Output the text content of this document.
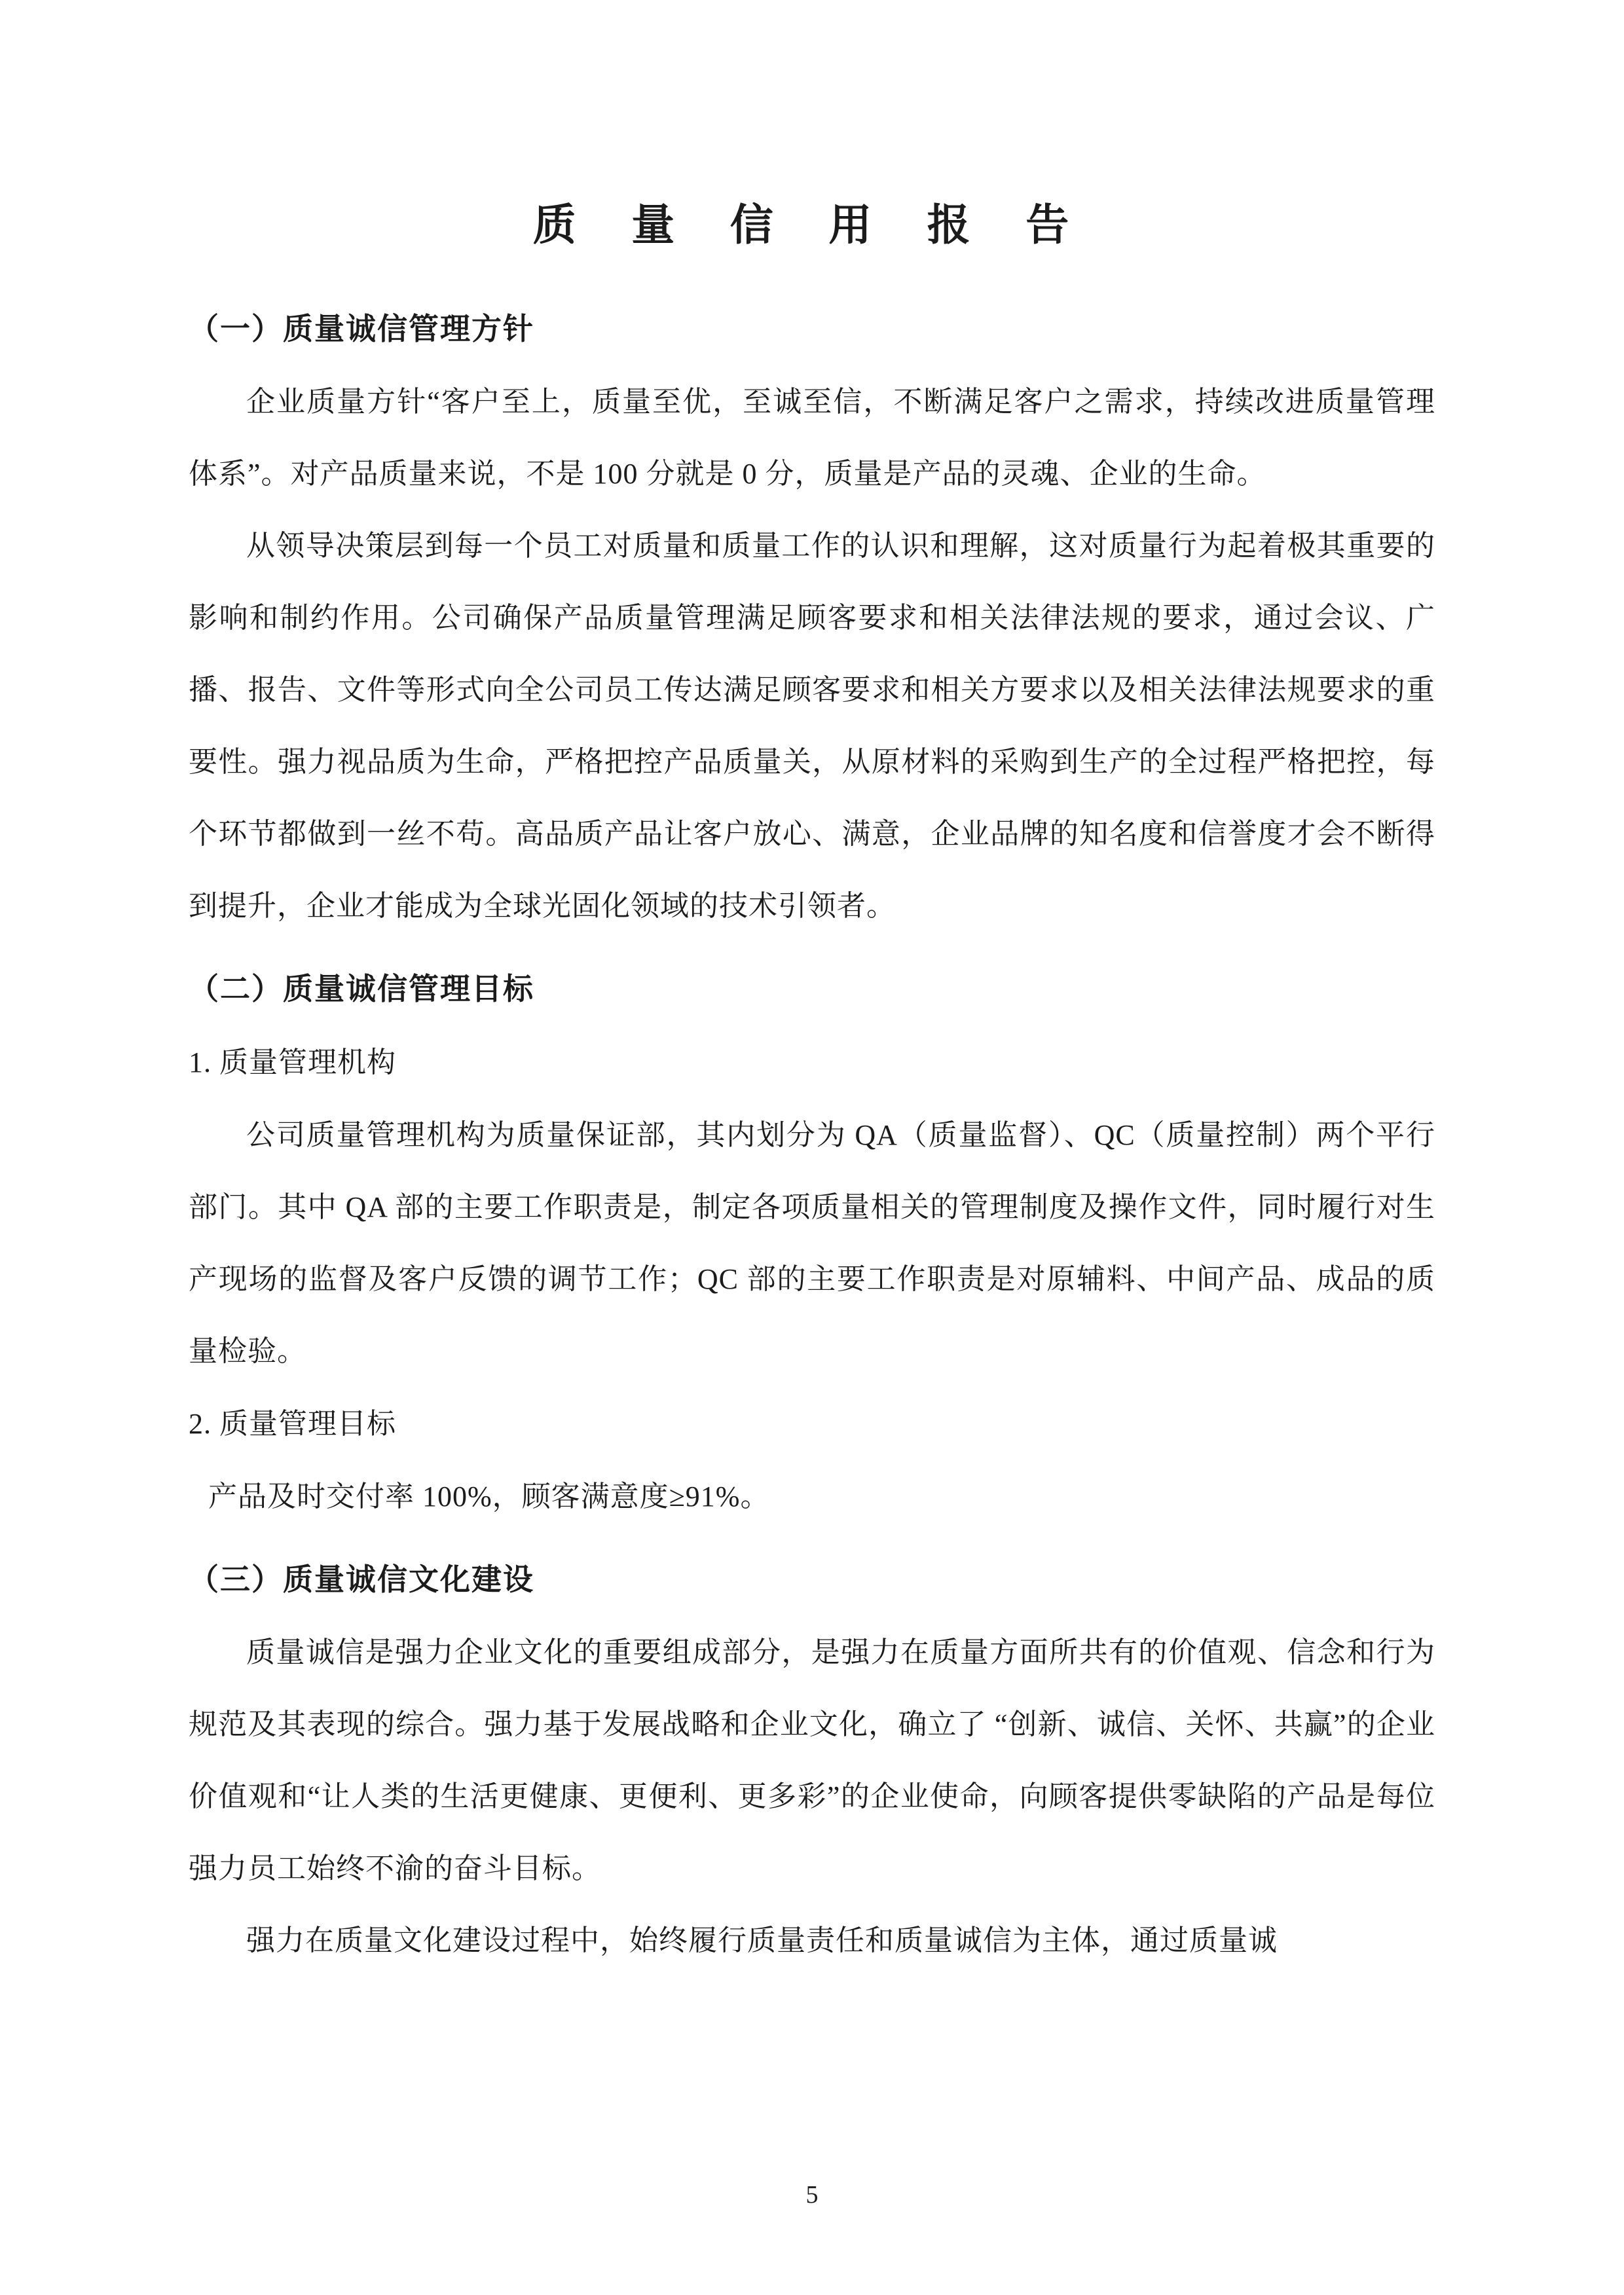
质 量 信 用 报 告
（一）质量诚信管理方针

企业质量方针“客户至上，质量至优，至诚至信，不断满足客户之需求，持续改进质量管理体系”。对产品质量来说，不是 100 分就是 0 分，质量是产品的灵魂、企业的生命。

从领导决策层到每一个员工对质量和质量工作的认识和理解，这对质量行为起着极其重要的影响和制约作用。公司确保产品质量管理满足顾客要求和相关法律法规的要求，通过会议、广播、报告、文件等形式向全公司员工传达满足顾客要求和相关方要求以及相关法律法规要求的重要性。强力视品质为生命，严格把控产品质量关，从原材料的采购到生产的全过程严格把控，每个环节都做到一丝不苟。高品质产品让客户放心、满意，企业品牌的知名度和信誉度才会不断得到提升，企业才能成为全球光固化领域的技术引领者。

（二）质量诚信管理目标

1. 质量管理机构

公司质量管理机构为质量保证部，其内划分为 QA（质量监督）、QC（质量控制）两个平行部门。其中 QA 部的主要工作职责是，制定各项质量相关的管理制度及操作文件，同时履行对生产现场的监督及客户反馈的调节工作；QC 部的主要工作职责是对原辅料、中间产品、成品的质量检验。

2. 质量管理目标

产品及时交付率 100%，顾客满意度≥91%。

（三）质量诚信文化建设

质量诚信是强力企业文化的重要组成部分，是强力在质量方面所共有的价值观、信念和行为规范及其表现的综合。强力基于发展战略和企业文化，确立了 “创新、诚信、关怀、共赢”的企业价值观和“让人类的生活更健康、更便利、更多彩”的企业使命，向顾客提供零缺陷的产品是每位强力员工始终不渝的奋斗目标。

强力在质量文化建设过程中，始终履行质量责任和质量诚信为主体，通过质量诚

5
